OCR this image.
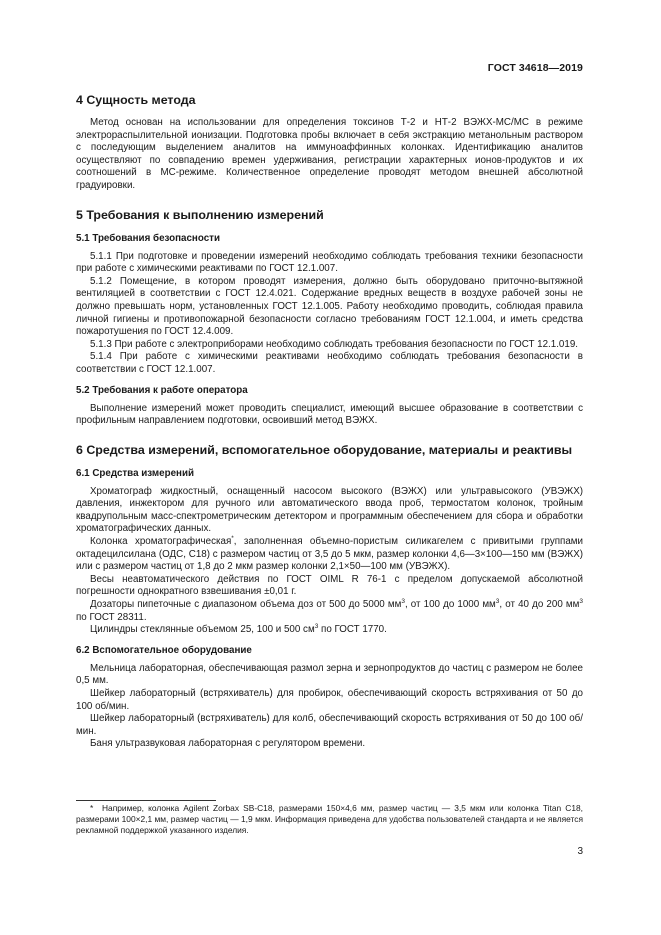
ГОСТ 34618—2019
4 Сущность метода

Метод основан на использовании для определения токсинов Т-2 и НТ-2 ВЭЖХ-МС/МС в режиме электрораспылительной ионизации. Подготовка пробы включает в себя экстракцию метанольным раствором с последующим выделением аналитов на иммуноаффинных колонках. Идентификацию аналитов осуществляют по совпадению времен удерживания, регистрации характерных ионов-продуктов и их соотношений в МС-режиме. Количественное определение проводят методом внешней абсолютной градуировки.

5 Требования к выполнению измерений
5.1 Требования безопасности

5.1.1 При подготовке и проведении измерений необходимо соблюдать требования техники безопасности при работе с химическими реактивами по ГОСТ 12.1.007.

5.1.2 Помещение, в котором проводят измерения, должно быть оборудовано приточно-вытяжной вентиляцией в соответствии с ГОСТ 12.4.021. Содержание вредных веществ в воздухе рабочей зоны не должно превышать норм, установленных ГОСТ 12.1.005. Работу необходимо проводить, соблюдая правила личной гигиены и противопожарной безопасности согласно требованиям ГОСТ 12.1.004, и иметь средства пожаротушения по ГОСТ 12.4.009.

5.1.3 При работе с электроприборами необходимо соблюдать требования безопасности по ГОСТ 12.1.019.

5.1.4 При работе с химическими реактивами необходимо соблюдать требования безопасности в соответствии с ГОСТ 12.1.007.

5.2 Требования к работе оператора

Выполнение измерений может проводить специалист, имеющий высшее образование в соответствии с профильным направлением подготовки, освоивший метод ВЭЖХ.

6 Средства измерений, вспомогательное оборудование, материалы и реактивы
6.1 Средства измерений

Хроматограф жидкостный, оснащенный насосом высокого (ВЭЖХ) или ультравысокого (УВЭЖХ) давления, инжектором для ручного или автоматического ввода проб, термостатом колонок, тройным квадрупольным масс-спектрометрическим детектором и программным обеспечением для сбора и обработки хроматографических данных.

Колонка хроматографическая*, заполненная объемно-пористым силикагелем с привитыми группами октадецилсилана (ОДС, С18) с размером частиц от 3,5 до 5 мкм, размер колонки 4,6—3×100—150 мм (ВЭЖХ) или с размером частиц от 1,8 до 2 мкм размер колонки 2,1×50—100 мм (УВЭЖХ).

Весы неавтоматического действия по ГОСТ OIML R 76-1 с пределом допускаемой абсолютной погрешности однократного взвешивания ±0,01 г.

Дозаторы пипеточные с диапазоном объема доз от 500 до 5000 $мм^3$, от 100 до 1000 $мм^3$, от 40 до 200 $мм^3$ по ГОСТ 28311.

Цилиндры стеклянные объемом 25, 100 и 500 $см^3$ по ГОСТ 1770.

6.2 Вспомогательное оборудование

Мельница лабораторная, обеспечивающая размол зерна и зернопродуктов до частиц с размером не более 0,5 мм.

Шейкер лабораторный (встряхиватель) для пробирок, обеспечивающий скорость встряхивания от 50 до 100 об/мин.

Шейкер лабораторный (встряхиватель) для колб, обеспечивающий скорость встряхивания от 50 до 100 об/мин.

Баня ультразвуковая лабораторная с регулятором времени.

* Например, колонка Agilent Zorbax SB-C18, размерами 150×4,6 мм, размер частиц — 3,5 мкм или колонка Titan C18, размерами 100×2,1 мм, размер частиц — 1,9 мкм. Информация приведена для удобства пользователей стандарта и не является рекламной поддержкой указанного изделия.

3
